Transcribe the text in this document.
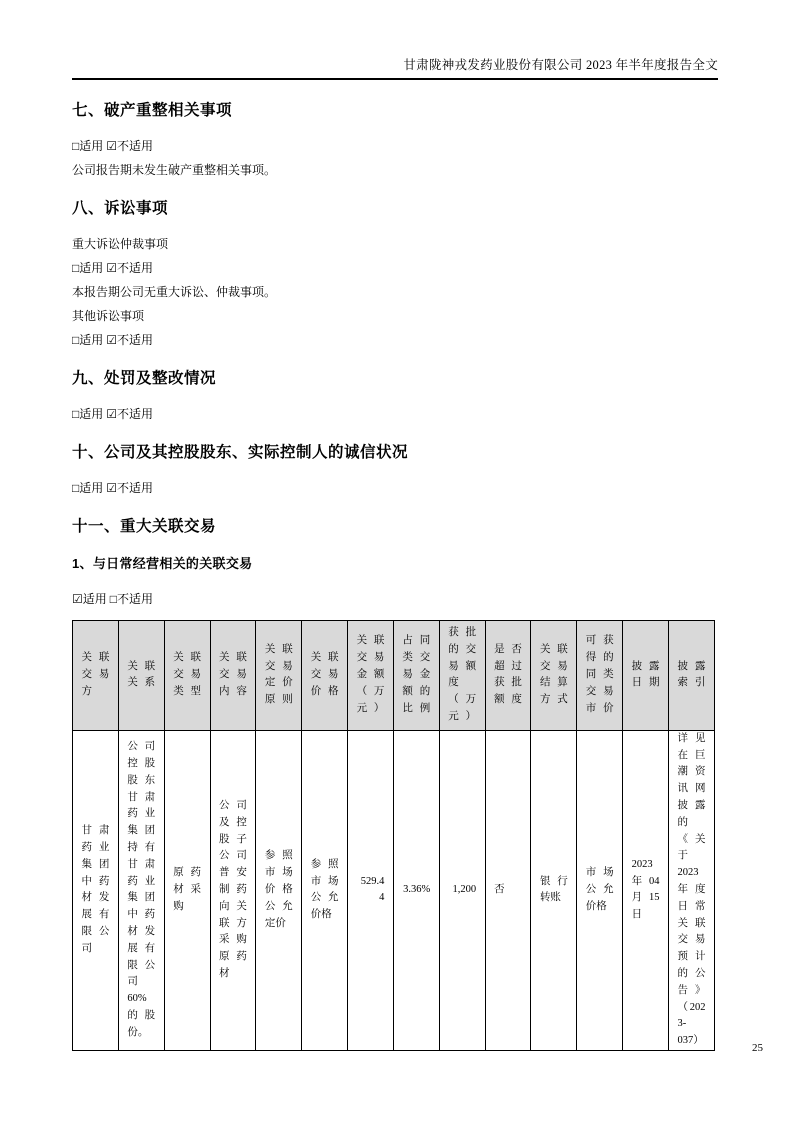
甘肃陇神戎发药业股份有限公司 2023 年半年度报告全文
七、破产重整相关事项

□适用 ☑不适用

公司报告期未发生破产重整相关事项。

八、诉讼事项

重大诉讼仲裁事项

□适用 ☑不适用

本报告期公司无重大诉讼、仲裁事项。

其他诉讼事项

□适用 ☑不适用

九、处罚及整改情况

□适用 ☑不适用

十、公司及其控股股东、实际控制人的诚信状况

□适用 ☑不适用

十一、重大关联交易
1、与日常经营相关的关联交易

☑适用 □不适用

关联交易方	关联关系	关联交易类型	关联交易内容	关联交易定价原则	关联交易价格	关联交易金额（万元）	占同类交易金额的比例	获批的交易额度（万元）	是否超过获批额度	关联交易结算方式	可获得的同类交易市价	披露日期	披露索引
甘肃药业集团中药材发展有限公司	公司控股股东甘肃药业集团持有甘肃药业集团中药材发展有限公司60%的股份。	原药材采购	公司及控股子公司普安制药向关联方采购原药材	参照市场价格公允定价	参照市场公允价格	529.44	3.36%	1,200	否	银行转账	市场公允价格	2023 年 04 月 15 日	详见在巨潮资讯网披露的《关于 2023 年度日常关联交易预计的公告》（2023-037）
25
